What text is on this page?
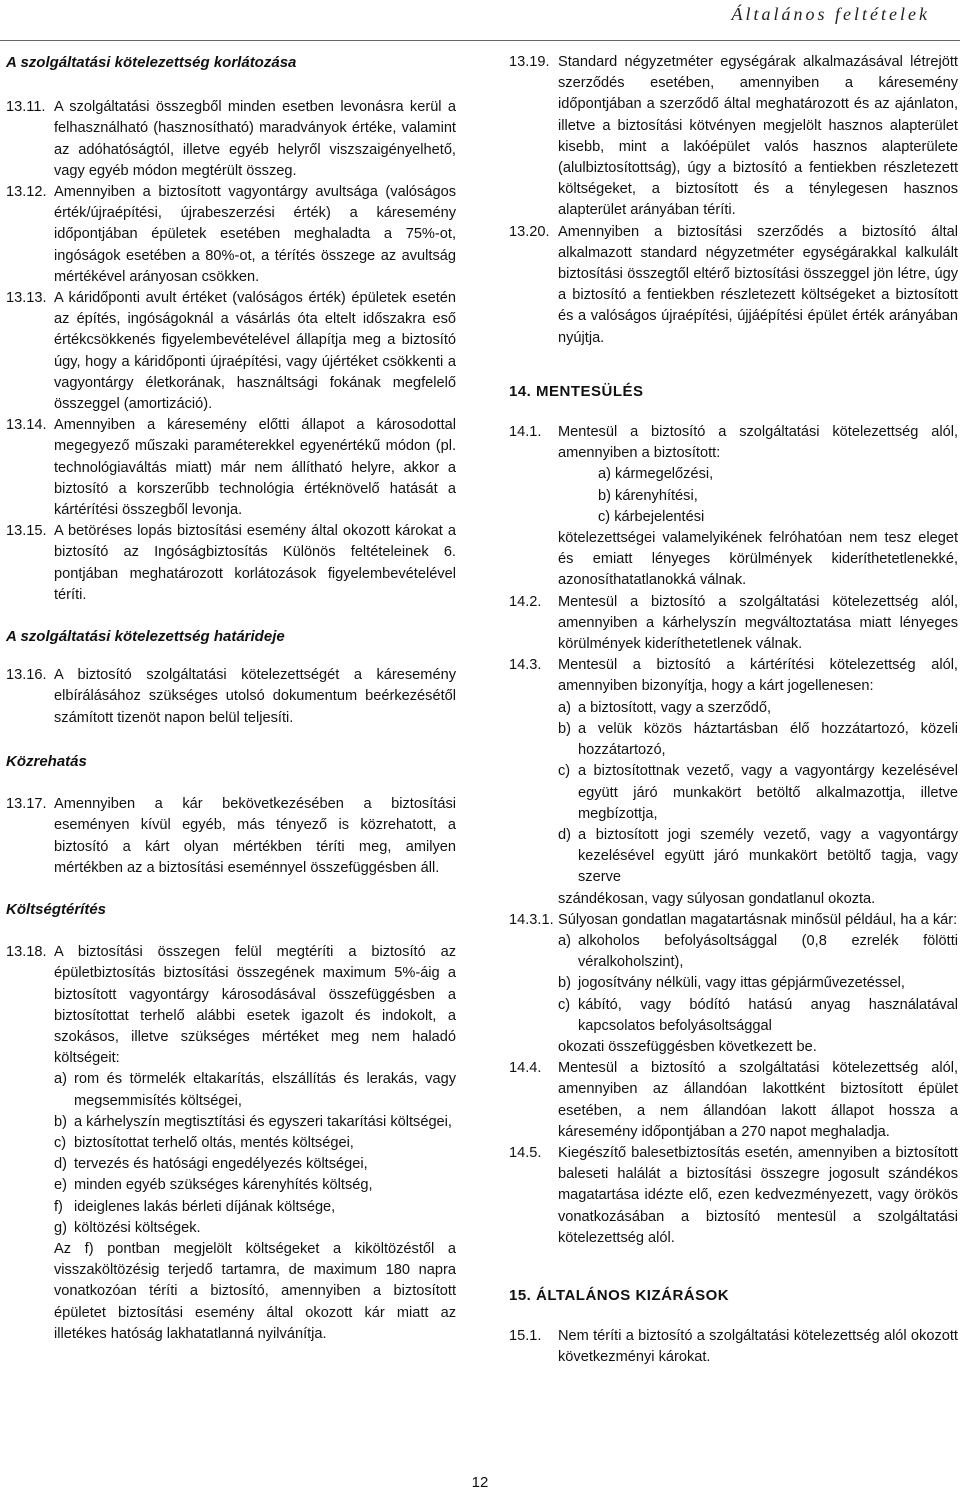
Általános feltételek

A szolgáltatási kötelezettség korlátozása

13.11. A szolgáltatási összegből minden esetben levonásra kerül a felhasználható (hasznosítható) maradványok értéke, valamint az adóhatóságtól, illetve egyéb helyről viszszaigényelhető, vagy egyéb módon megtérült összeg.
13.12. Amennyiben a biztosított vagyontárgy avultsága (valóságos érték/újraépítési, újrabeszerzési érték) a káresemény időpontjában épületek esetében meghaladta a 75%-ot, ingóságok esetében a 80%-ot, a térítés összege az avultság mértékével arányosan csökken.
13.13. A káridőponti avult értéket (valóságos érték) épületek esetén az építés, ingóságoknál a vásárlás óta eltelt időszakra eső értékcsökkenés figyelembevételével állapítja meg a biztosító úgy, hogy a káridőponti újraépítési, vagy újértéket csökkenti a vagyontárgy életkorának, használtsági fokának megfelelő összeggel (amortizáció).
13.14. Amennyiben a káresemény előtti állapot a károsodottal megegyező műszaki paraméterekkel egyenértékű módon (pl. technológiaváltás miatt) már nem állítható helyre, akkor a biztosító a korszerűbb technológia értéknövelő hatását a kártérítési összegből levonja.
13.15. A betöréses lopás biztosítási esemény által okozott károkat a biztosító az Ingóságbiztosítás Különös feltételeinek 6. pontjában meghatározott korlátozások figyelembevételével téríti.

A szolgáltatási kötelezettség határideje

13.16. A biztosító szolgáltatási kötelezettségét a káresemény elbírálásához szükséges utolsó dokumentum beérkezésétől számított tizenöt napon belül teljesíti.

Közrehatás

13.17. Amennyiben a kár bekövetkezésében a biztosítási eseményen kívül egyéb, más tényező is közrehatott, a biztosító a kárt olyan mértékben téríti meg, amilyen mértékben az a biztosítási eseménnyel összefüggésben áll.

Költségtérítés

13.18. A biztosítási összegen felül megtéríti a biztosító az épületbiztosítás biztosítási összegének maximum 5%-áig a biztosított vagyontárgy károsodásával összefüggésben a biztosítottat terhelő alábbi esetek igazolt és indokolt, a szokásos, illetve szükséges mértéket meg nem haladó költségeit:
a) rom és törmelék eltakarítás, elszállítás és lerakás, vagy megsemmisítés költségei,
b) a kárhelyszín megtisztítási és egyszeri takarítási költségei,
c) biztosítottat terhelő oltás, mentés költségei,
d) tervezés és hatósági engedélyezés költségei,
e) minden egyéb szükséges kárenyhítés költség,
f) ideiglenes lakás bérleti díjának költsége,
g) költözési költségek.
Az f) pontban megjelölt költségeket a kiköltözéstől a visszaköltözésig terjedő tartamra, de maximum 180 napra vonatkozóan téríti a biztosító, amennyiben a biztosított épületet biztosítási esemény által okozott kár miatt az illetékes hatóság lakhatatlanná nyilvánítja.
13.19. Standard négyzetméter egységárak alkalmazásával létrejött szerződés esetében, amennyiben a káresemény időpontjában a szerződő által meghatározott és az ajánlaton, illetve a biztosítási kötvényen megjelölt hasznos alapterület kisebb, mint a lakóépület valós hasznos alapterülete (alulbiztosítottság), úgy a biztosító a fentiekben részletezett költségeket, a biztosított és a ténylegesen hasznos alapterület arányában téríti.
13.20. Amennyiben a biztosítási szerződés a biztosító által alkalmazott standard négyzetméter egységárakkal kalkulált biztosítási összegtől eltérő biztosítási összeggel jön létre, úgy a biztosító a fentiekben részletezett költségeket a biztosított és a valóságos újraépítési, újjáépítési épület érték arányában nyújtja.

14. MENTESÜLÉS

14.1.	Mentesül a biztosító a szolgáltatási kötelezettség alól, amennyiben a biztosított:
a) kármegelőzési,
b) kárenyhítési,
c) kárbejelentési
kötelezettségei valamelyikének felróhatóan nem tesz eleget és emiatt lényeges körülmények kideríthetetlenekké, azonosíthatatlanokká válnak.
14.2.	Mentesül a biztosító a szolgáltatási kötelezettség alól, amennyiben a kárhelyszín megváltoztatása miatt lényeges körülmények kideríthetetlenek válnak.
14.3.	Mentesül a biztosító a kártérítési kötelezettség alól, amennyiben bizonyítja, hogy a kárt jogellenesen:
a) a biztosított, vagy a szerződő,
b) a velük közös háztartásban élő hozzátartozó, közeli hozzátartozó,
c) a biztosítottnak vezető, vagy a vagyontárgy kezelésével együtt járó munkakört betöltő alkalmazottja, illetve megbízottja,
d) a biztosított jogi személy vezető, vagy a vagyontárgy kezelésével együtt járó munkakört betöltő tagja, vagy szerve
szándékosan, vagy súlyosan gondatlanul okozta.
14.3.1. Súlyosan gondatlan magatartásnak minősül például, ha a kár:
a) alkoholos befolyásoltsággal (0,8 ezrelék fölötti véralkoholszint),
b) jogosítvány nélküli, vagy ittas gépjárművezetéssel,
c) kábító, vagy bódító hatású anyag használatával kapcsolatos befolyásoltsággal
okozati összefüggésben következett be.
14.4.	Mentesül a biztosító a szolgáltatási kötelezettség alól, amennyiben az állandóan lakottként biztosított épület esetében, a nem állandóan lakott állapot hossza a káresemény időpontjában a 270 napot meghaladja.
14.5.	Kiegészítő balesetbiztosítás esetén, amennyiben a biztosított baleseti halálát a biztosítási összegre jogosult szándékos magatartása idézte elő, ezen kedvezményezett, vagy örökös vonatkozásában a biztosító mentesül a szolgáltatási kötelezettség alól.

15. ÁLTALÁNOS KIZÁRÁSOK

15.1.	Nem téríti a biztosító a szolgáltatási kötelezettség alól okozott következményi károkat.
12
